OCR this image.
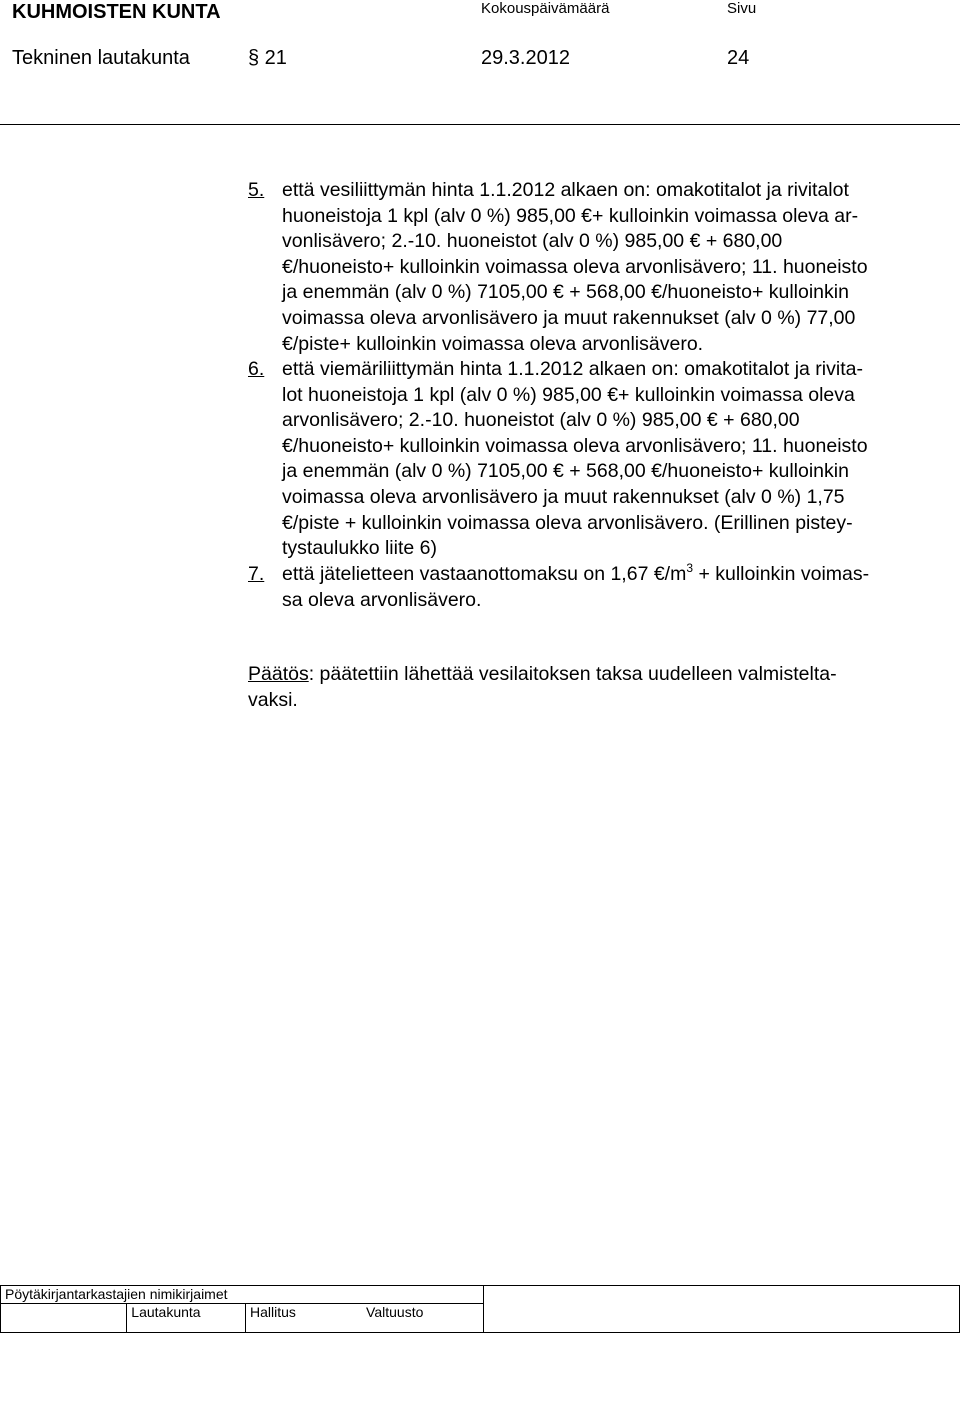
KUHMOISTEN KUNTA	Kokouspäivämäärä	Sivu
Tekninen lautakunta	§ 21	29.3.2012	24
5. että vesiliittymän hinta 1.1.2012 alkaen on: omakotitalot ja rivitalot
huoneistoja 1 kpl (alv 0 %) 985,00 €+ kulloinkin voimassa oleva ar-
vonlisävero; 2.-10. huoneistot (alv 0 %) 985,00 € + 680,00
€/huoneisto+ kulloinkin voimassa oleva arvonlisävero; 11. huoneisto
ja enemmän (alv 0 %) 7105,00 € + 568,00 €/huoneisto+ kulloinkin
voimassa oleva arvonlisävero ja muut rakennukset (alv 0 %) 77,00
€/piste+ kulloinkin voimassa oleva arvonlisävero.
6. että viemäriliittymän hinta 1.1.2012 alkaen on: omakotitalot ja rivita-
lot huoneistoja 1 kpl (alv 0 %) 985,00 €+ kulloinkin voimassa oleva
arvonlisävero; 2.-10. huoneistot (alv 0 %) 985,00 € + 680,00
€/huoneisto+ kulloinkin voimassa oleva arvonlisävero; 11. huoneisto
ja enemmän (alv 0 %) 7105,00 € + 568,00 €/huoneisto+ kulloinkin
voimassa oleva arvonlisävero ja muut rakennukset (alv 0 %) 1,75
€/piste + kulloinkin voimassa oleva arvonlisävero. (Erillinen pistey-
tystaulukko liite 6)
7. että jätelietteen vastaanottomaksu on 1,67 $€/m^3$ + kulloinkin voimas-
sa oleva arvonlisävero.
Päätös: päätettiin lähettää vesilaitoksen taksa uudelleen valmistelta-
vaksi.
Pöytäkirjantarkastajien nimikirjaimet			
	Lautakunta	Hallitus Valtuusto	
